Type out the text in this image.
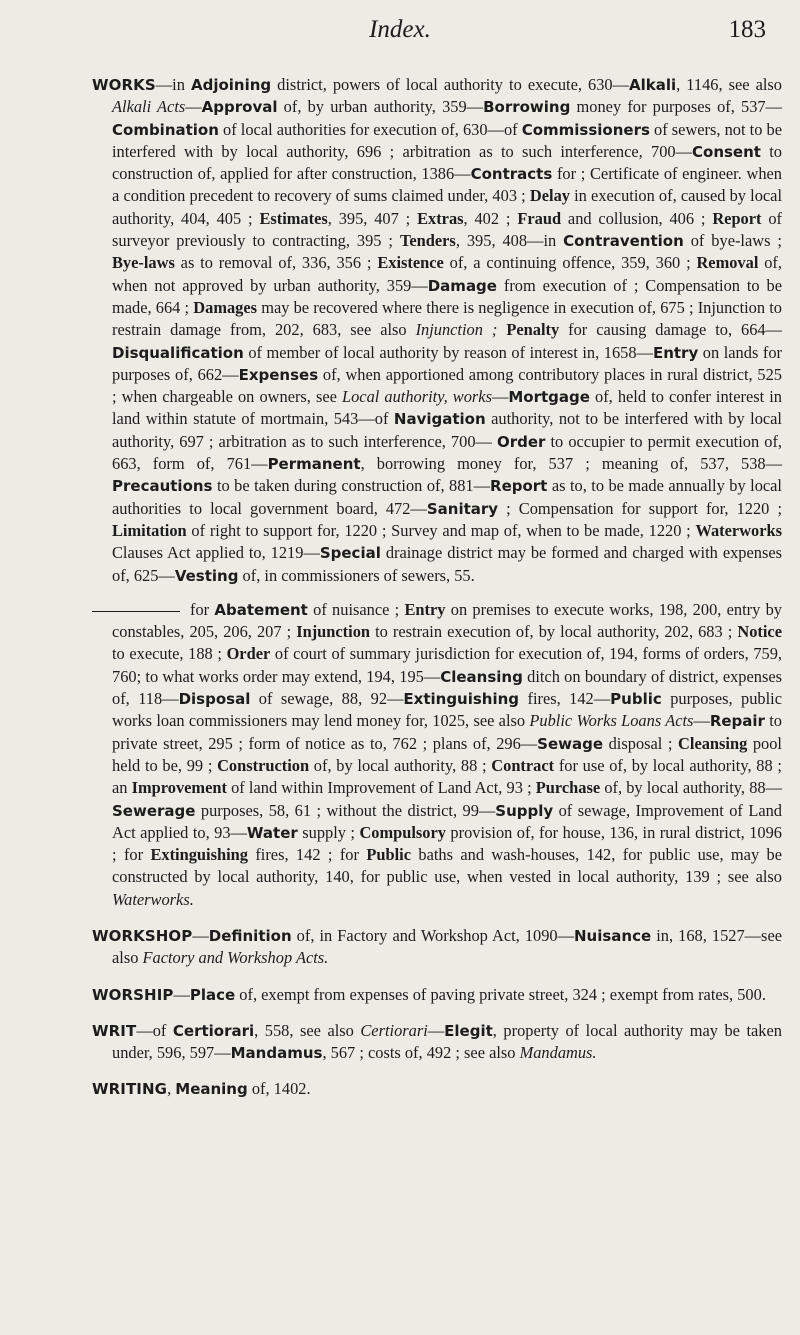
Index.	183

WORKS—in Adjoining district, powers of local authority to execute, 630—Alkali, 1146, see also Alkali Acts—Approval of, by urban authority, 359—Borrowing money for purposes of, 537—Combination of local authorities for execution of, 630—of Commissioners of sewers, not to be interfered with by local authority, 696 ; arbitration as to such interference, 700—Consent to construction of, applied for after construction, 1386—Contracts for ; Certificate of engineer. when a condition precedent to recovery of sums claimed under, 403 ; Delay in execution of, caused by local authority, 404, 405 ; Estimates, 395, 407 ; Extras, 402 ; Fraud and collusion, 406 ; Report of surveyor previously to contracting, 395 ; Tenders, 395, 408—in Contravention of bye-laws ; Bye-laws as to removal of, 336, 356 ; Existence of, a continuing offence, 359, 360 ; Removal of, when not approved by urban authority, 359—Damage from execution of ; Compensation to be made, 664 ; Damages may be recovered where there is negligence in execution of, 675 ; Injunction to restrain damage from, 202, 683, see also Injunction ; Penalty for causing damage to, 664—Disqualification of member of local authority by reason of interest in, 1658—Entry on lands for purposes of, 662—Expenses of, when apportioned among contributory places in rural district, 525 ; when chargeable on owners, see Local authority, works—Mortgage of, held to confer interest in land within statute of mortmain, 543—of Navigation authority, not to be interfered with by local authority, 697 ; arbitration as to such interference, 700— Order to occupier to permit execution of, 663, form of, 761—Permanent, borrowing money for, 537 ; meaning of, 537, 538—Precautions to be taken during construction of, 881—Report as to, to be made annually by local authorities to local government board, 472—Sanitary ; Compensation for support for, 1220 ; Limitation of right to support for, 1220 ; Survey and map of, when to be made, 1220 ; Waterworks Clauses Act applied to, 1219—Special drainage district may be formed and charged with expenses of, 625—Vesting of, in commissioners of sewers, 55.

for Abatement of nuisance ; Entry on premises to execute works, 198, 200, entry by constables, 205, 206, 207 ; Injunction to restrain execution of, by local authority, 202, 683 ; Notice to execute, 188 ; Order of court of summary jurisdiction for execution of, 194, forms of orders, 759, 760; to what works order may extend, 194, 195—Cleansing ditch on boundary of district, expenses of, 118—Disposal of sewage, 88, 92—Extinguishing fires, 142—Public purposes, public works loan commissioners may lend money for, 1025, see also Public Works Loans Acts—Repair to private street, 295 ; form of notice as to, 762 ; plans of, 296—Sewage disposal ; Cleansing pool held to be, 99 ; Construction of, by local authority, 88 ; Contract for use of, by local authority, 88 ; an Improvement of land within Improvement of Land Act, 93 ; Purchase of, by local authority, 88—Sewerage purposes, 58, 61 ; without the district, 99—Supply of sewage, Improvement of Land Act applied to, 93—Water supply ; Compulsory provision of, for house, 136, in rural district, 1096 ; for Extinguishing fires, 142 ; for Public baths and wash-houses, 142, for public use, may be constructed by local authority, 140, for public use, when vested in local authority, 139 ; see also Waterworks.

WORKSHOP—Definition of, in Factory and Workshop Act, 1090—Nuisance in, 168, 1527—see also Factory and Workshop Acts.

WORSHIP—Place of, exempt from expenses of paving private street, 324 ; exempt from rates, 500.

WRIT—of Certiorari, 558, see also Certiorari—Elegit, property of local authority may be taken under, 596, 597—Mandamus, 567 ; costs of, 492 ; see also Mandamus.

WRITING, Meaning of, 1402.
